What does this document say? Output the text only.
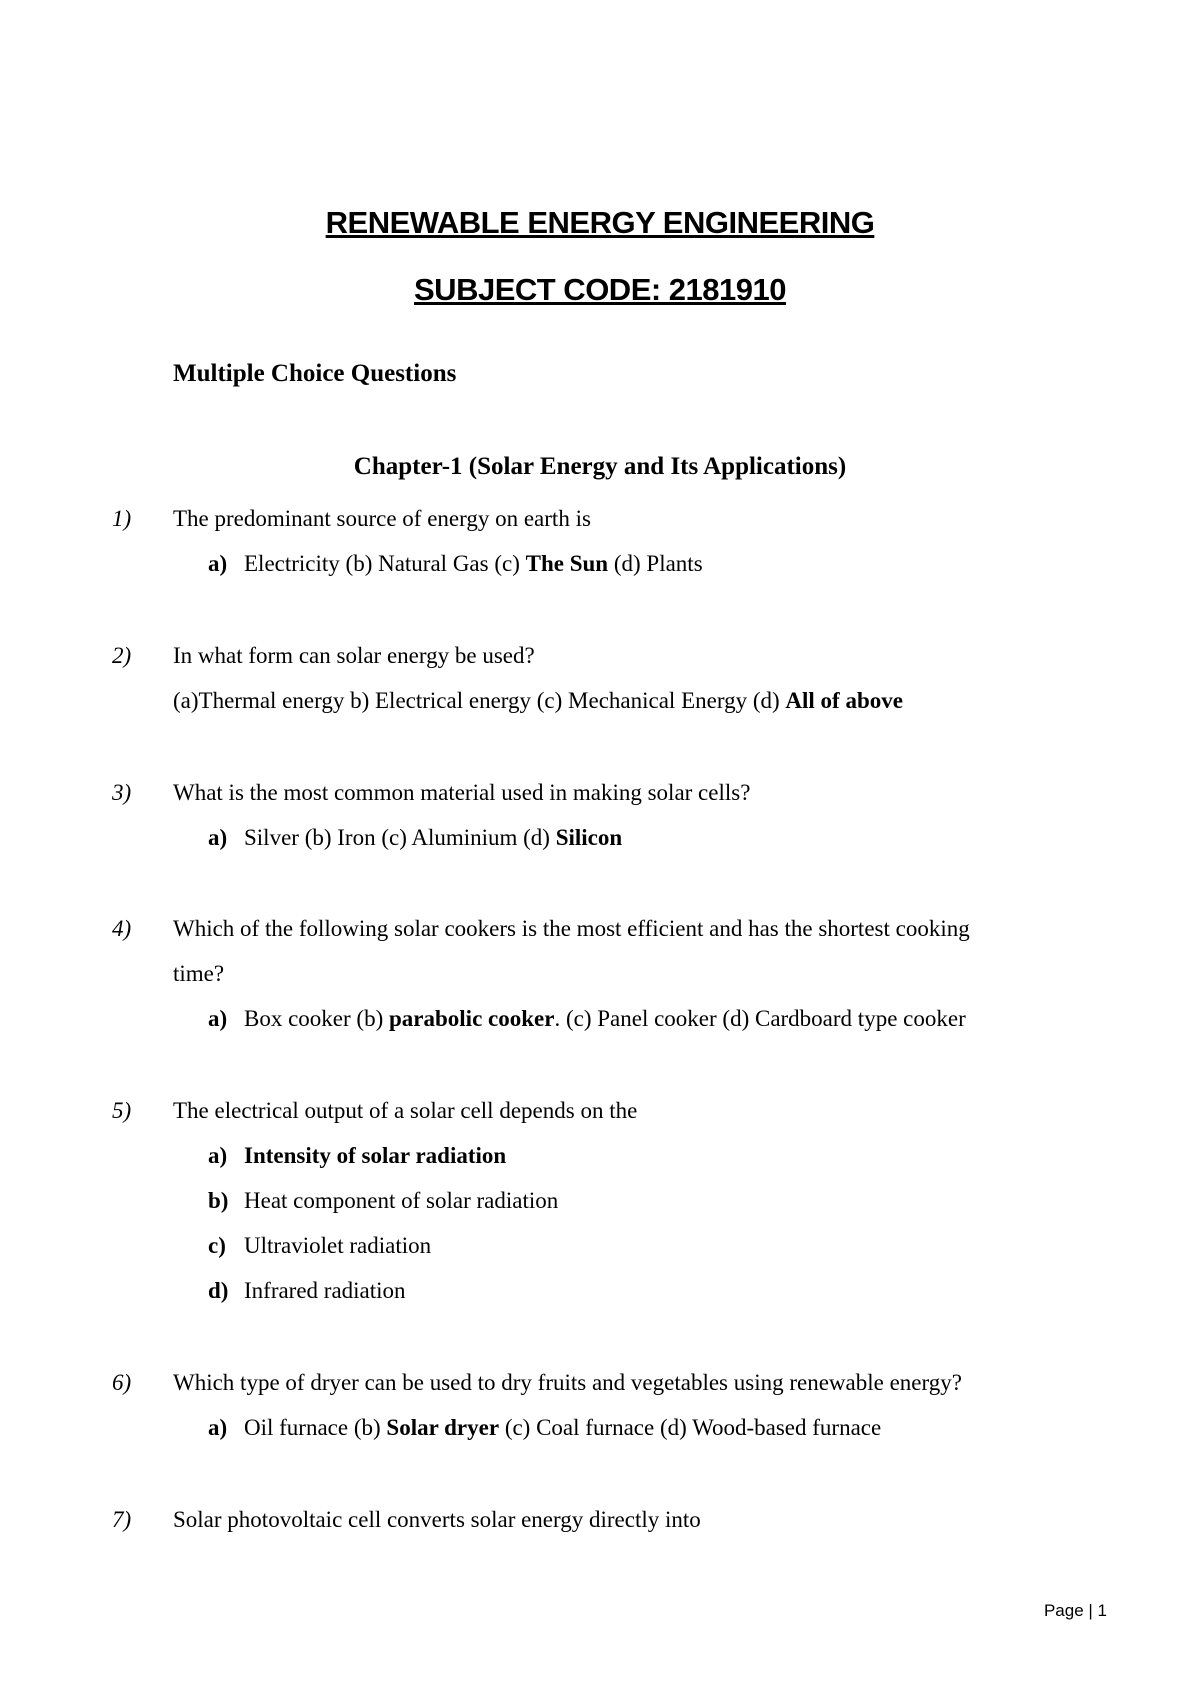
RENEWABLE ENERGY ENGINEERING
SUBJECT CODE: 2181910
Multiple Choice Questions
Chapter-1 (Solar Energy and Its Applications)
1) The predominant source of energy on earth is
a) Electricity (b) Natural Gas (c) The Sun (d) Plants
2) In what form can solar energy be used?
(a)Thermal energy b) Electrical energy (c) Mechanical Energy (d) All of above
3) What is the most common material used in making solar cells?
a) Silver (b) Iron (c) Aluminium (d) Silicon
4) Which of the following solar cookers is the most efficient and has the shortest cooking
time?
a) Box cooker (b) parabolic cooker. (c) Panel cooker (d) Cardboard type cooker
5) The electrical output of a solar cell depends on the
a) Intensity of solar radiation
b) Heat component of solar radiation
c) Ultraviolet radiation
d) Infrared radiation
6) Which type of dryer can be used to dry fruits and vegetables using renewable energy?
a) Oil furnace (b) Solar dryer (c) Coal furnace (d) Wood-based furnace
7) Solar photovoltaic cell converts solar energy directly into
Page | 1
